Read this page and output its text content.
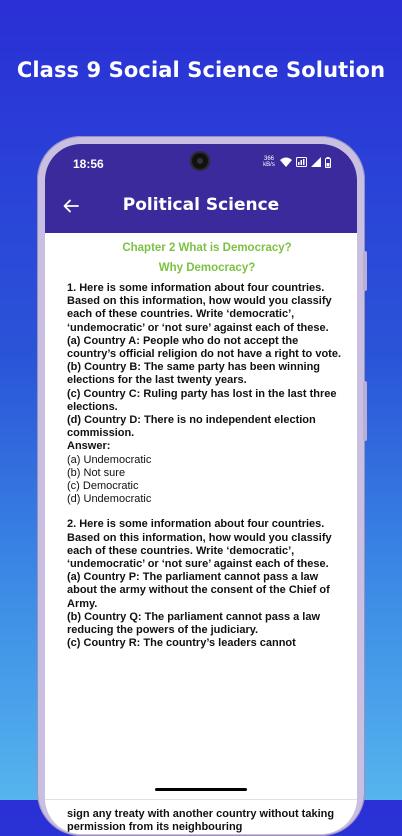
Class 9 Social Science Solution
18:56	366
kB/s
Political Science
Chapter 2 What is Democracy?
Why Democracy?
1. Here is some information about four countries. Based on this information, how would you classify each of these countries. Write ‘democratic’, ‘undemocratic’ or ‘not sure’ against each of these.
(a) Country A: People who do not accept the country’s official religion do not have a right to vote.
(b) Country B: The same party has been winning elections for the last twenty years.
(c) Country C: Ruling party has lost in the last three elections.
(d) Country D: There is no independent election commission.
Answer:
(a) Undemocratic
(b) Not sure
(c) Democratic
(d) Undemocratic
2. Here is some information about four countries. Based on this information, how would you classify each of these countries. Write ‘democratic’, ‘undemocratic’ or ‘not sure’ against each of these.
(a) Country P: The parliament cannot pass a law about the army without the consent of the Chief of Army.
(b) Country Q: The parliament cannot pass a law reducing the powers of the judiciary.
(c) Country R: The country’s leaders cannot
sign any treaty with another country without taking permission from its neighbouring
